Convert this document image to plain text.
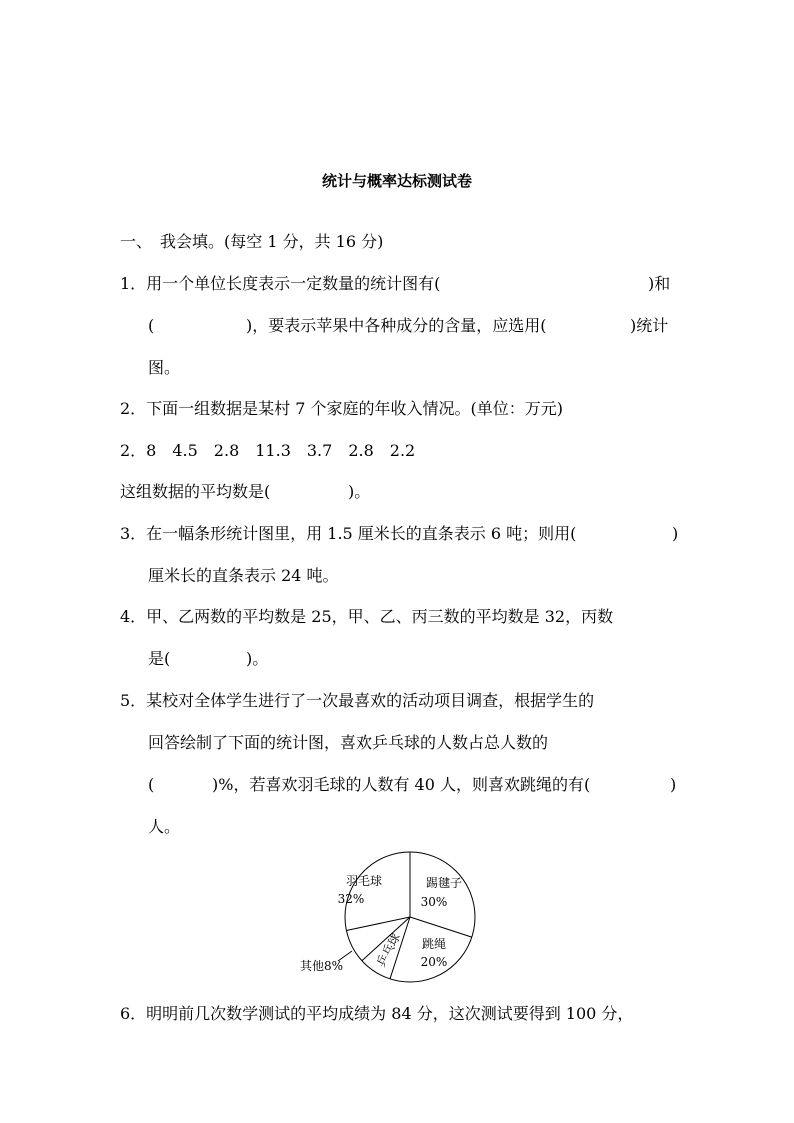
统计与概率达标测试卷
一、　我会填。(每空 1 分，共 16 分)
1．用一个单位长度表示一定数量的统计图有(	)和
(	)，要表示苹果中各种成分的含量，应选用(	)统计
图。
2．下面一组数据是某村 7 个家庭的年收入情况。(单位：万元)
2．8　4.5　2.8　11.3　3.7　2.8　2.2
这组数据的平均数是(	)。
3．在一幅条形统计图里，用 1.5 厘米长的直条表示 6 吨；则用(	)
厘米长的直条表示 24 吨。
4．甲、乙两数的平均数是 25，甲、乙、丙三数的平均数是 32，丙数
是(	)。
5．某校对全体学生进行了一次最喜欢的活动项目调查，根据学生的
回答绘制了下面的统计图，喜欢乒乓球的人数占总人数的
(	)%，若喜欢羽毛球的人数有 40 人，则喜欢跳绳的有(	)
人。
羽毛球
32%
踢毽子
30%
跳绳
20%
乒乓球
其他8%
6．明明前几次数学测试的平均成绩为 84 分，这次测试要得到 100 分，
